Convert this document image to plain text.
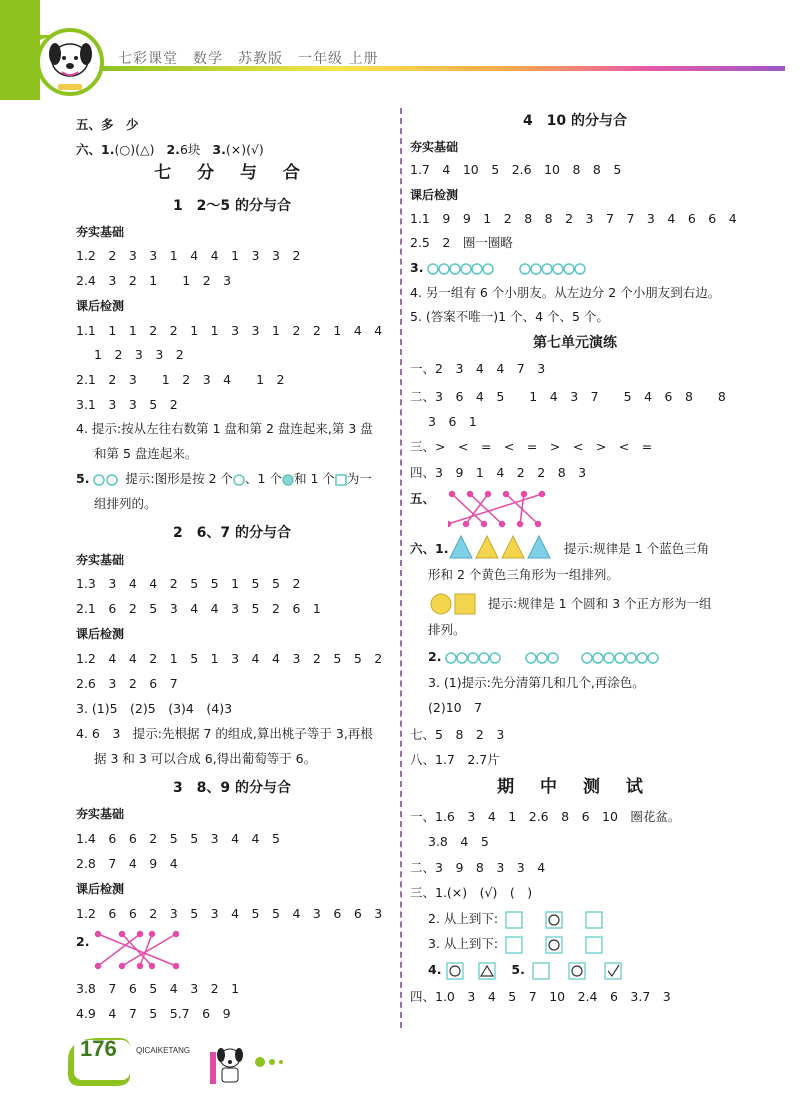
七彩课堂　数学　苏教版　一年级 上册
五、多　少
六、1.(○)(△) 2.6块 3.(×)(√)
七 分 与 合
1　2～5 的分与合
夯实基础
1.2　2　3　3　1　4　4　1　3　3　2
2.4　3　2　1　　1　2　3
课后检测
1.1　1　1　2　2　1　1　3　3　1　2　2　1　4　4
1　2　3　3　2
2.1　2　3　　1　2　3　4　　1　2
3.1　3　3　5　2
4. 提示:按从左往右数第 1 盘和第 2 盘连起来,第 3 盘
和第 5 盘连起来。
5.	提示:图形是按 2 个 、1 个 和 1 个 为一
组排列的。
2　6、7 的分与合
夯实基础
1.3　3　4　4　2　5　5　1　5　5　2
2.1　6　2　5　3　4　4　3　5　2　6　1
课后检测
1.2　4　4　2　1　5　1　3　4　4　3　2　5　5　2
2.6　3　2　6　7
3. (1)5　(2)5　(3)4　(4)3
4. 6　3　提示:先根据 7 的组成,算出桃子等于 3,再根
据 3 和 3 可以合成 6,得出葡萄等于 6。
3　8、9 的分与合
夯实基础
1.4　6　6　2　5　5　3　4　4　5
2.8　7　4　9　4
课后检测
1.2　6　6　2　3　5　3　4　5　5　4　3　6　6　3
2.
3.8　7　6　5　4　3　2　1
4.9　4　7　5　5.7　6　9
4　10 的分与合
夯实基础
1.7　4　10　5　2.6　10　8　8　5
课后检测
1.1　9　9　1　2　8　8　2　3　7　7　3　4　6　6　4
2.5　2　圈一圈略
3.
4. 另一组有 6 个小朋友。从左边分 2 个小朋友到右边。
5. (答案不唯一)1 个、4 个、5 个。
第七单元演练
一、2　3　4　4　7　3
二、3　6　4　5　　1　4　3　7　　5　4　6　8　　8
3　6　1
三、>　<　=　<　=　>　<　>　<　=
四、3　9　1　4　2　2　8　3
五、
六、1.	提示:规律是 1 个蓝色三角
形和 2 个黄色三角形为一组排列。
提示:规律是 1 个圆和 3 个正方形为一组
排列。
2.
3. (1)提示:先分清第几和几个,再涂色。
(2)10　7
七、5　8　2　3
八、1.7　2.7片
期 中 测 试
一、1.6　3　4　1　2.6　8　6　10　圈花盆。
3.8　4　5
二、3　9　8　3　3　4
三、1.(×)　(√)　(　)
2. 从上到下:
3. 从上到下:
4.	5.
四、1.0　3　4　5　7　10　2.4　6　3.7　3
176 QICAIKETANG
